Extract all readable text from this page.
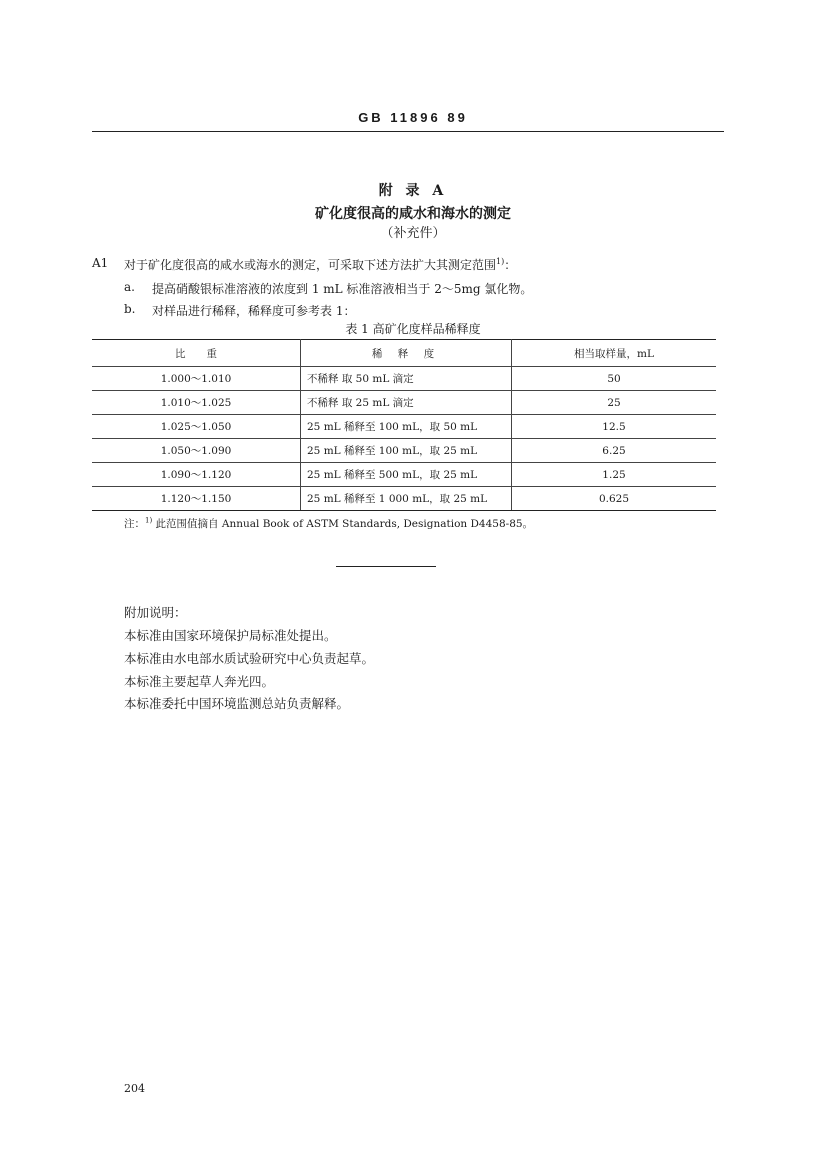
GB 11896 89
附 录 A
矿化度很高的咸水和海水的测定
（补充件）
A1 对于矿化度很高的咸水或海水的测定，可采取下述方法扩大其测定范围$^{1)}$：
a. 提高硝酸银标准溶液的浓度到 1 mL 标准溶液相当于 2～5mg 氯化物。
b. 对样品进行稀释，稀释度可参考表 1：
表 1 高矿化度样品稀释度
比　　重	稀 释 度	相当取样量，mL
1.000～1.010	不稀释 取 50 mL 滴定	50
1.010～1.025	不稀释 取 25 mL 滴定	25
1.025～1.050	25 mL 稀释至 100 mL，取 50 mL	12.5
1.050～1.090	25 mL 稀释至 100 mL，取 25 mL	6.25
1.090～1.120	25 mL 稀释至 500 mL，取 25 mL	1.25
1.120～1.150	25 mL 稀释至 1 000 mL，取 25 mL	0.625
注：$^{1)}$ 此范围值摘自 Annual Book of ASTM Standards, Designation D4458-85。
附加说明：
本标准由国家环境保护局标准处提出。
本标准由水电部水质试验研究中心负责起草。
本标准主要起草人奔光四。
本标准委托中国环境监测总站负责解释。
204
